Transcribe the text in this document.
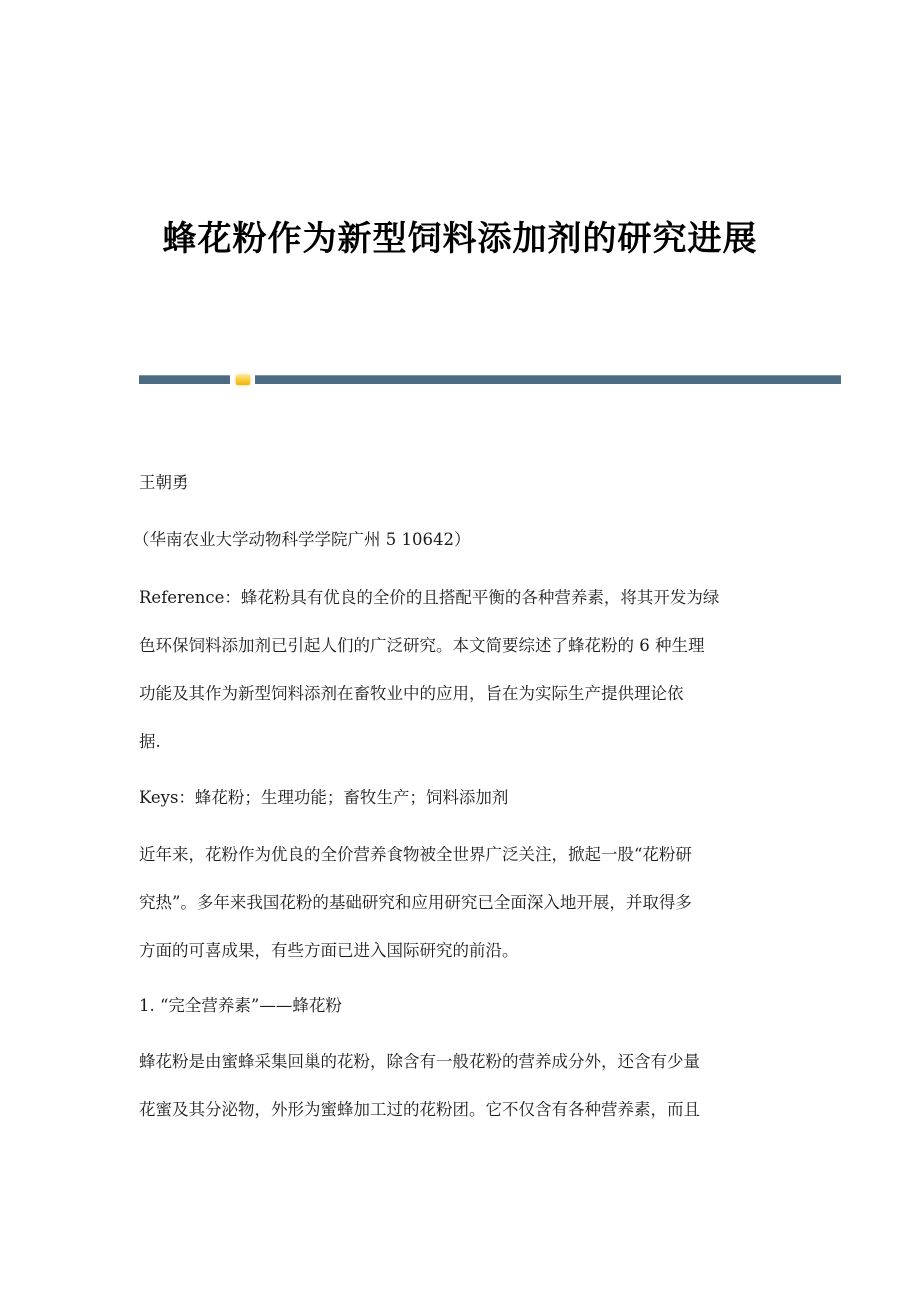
蜂花粉作为新型饲料添加剂的研究进展
王朝勇
（华南农业大学动物科学学院广州 5 10642）
Reference：蜂花粉具有优良的全价的且搭配平衡的各种营养素，将其开发为绿
色环保饲料添加剂已引起人们的广泛研究。本文简要综述了蜂花粉的 6 种生理
功能及其作为新型饲料添剂在畜牧业中的应用，旨在为实际生产提供理论依
据.
Keys：蜂花粉；生理功能；畜牧生产；饲料添加剂
近年来，花粉作为优良的全价营养食物被全世界广泛关注，掀起一股“花粉研
究热”。多年来我国花粉的基础研究和应用研究已全面深入地开展，并取得多
方面的可喜成果，有些方面已进入国际研究的前沿。
1. “完全营养素”——蜂花粉
蜂花粉是由蜜蜂采集回巢的花粉，除含有一般花粉的营养成分外，还含有少量
花蜜及其分泌物，外形为蜜蜂加工过的花粉团。它不仅含有各种营养素，而且
